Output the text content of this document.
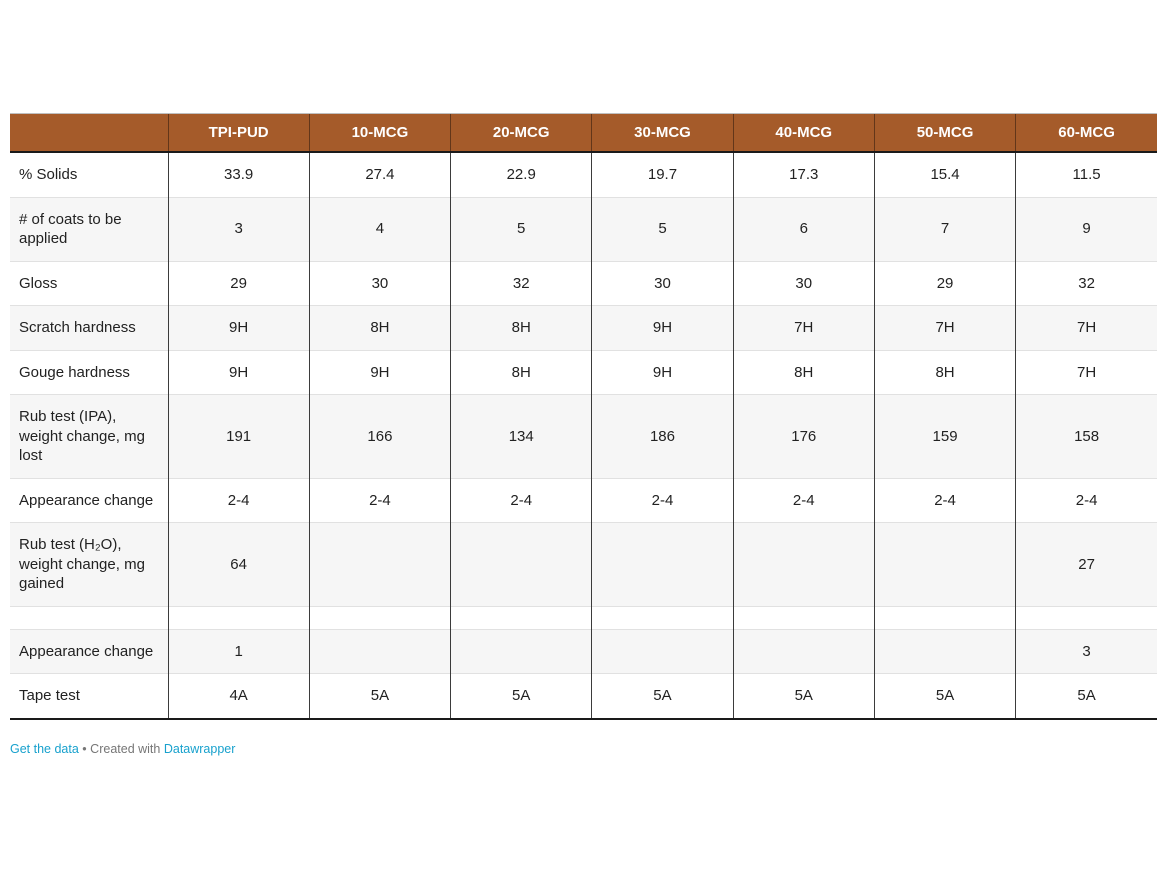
	TPI-PUD	10-MCG	20-MCG	30-MCG	40-MCG	50-MCG	60-MCG
% Solids	33.9	27.4	22.9	19.7	17.3	15.4	11.5
# of coats to be applied	3	4	5	5	6	7	9
Gloss	29	30	32	30	30	29	32
Scratch hardness	9H	8H	8H	9H	7H	7H	7H
Gouge hardness	9H	9H	8H	9H	8H	8H	7H
Rub test (IPA), weight change, mg lost	191	166	134	186	176	159	158
Appearance change	2-4	2-4	2-4	2-4	2-4	2-4	2-4
Rub test (H₂O), weight change, mg gained	64						27

Appearance change	1						3
Tape test	4A	5A	5A	5A	5A	5A	5A
Get the data • Created with Datawrapper
